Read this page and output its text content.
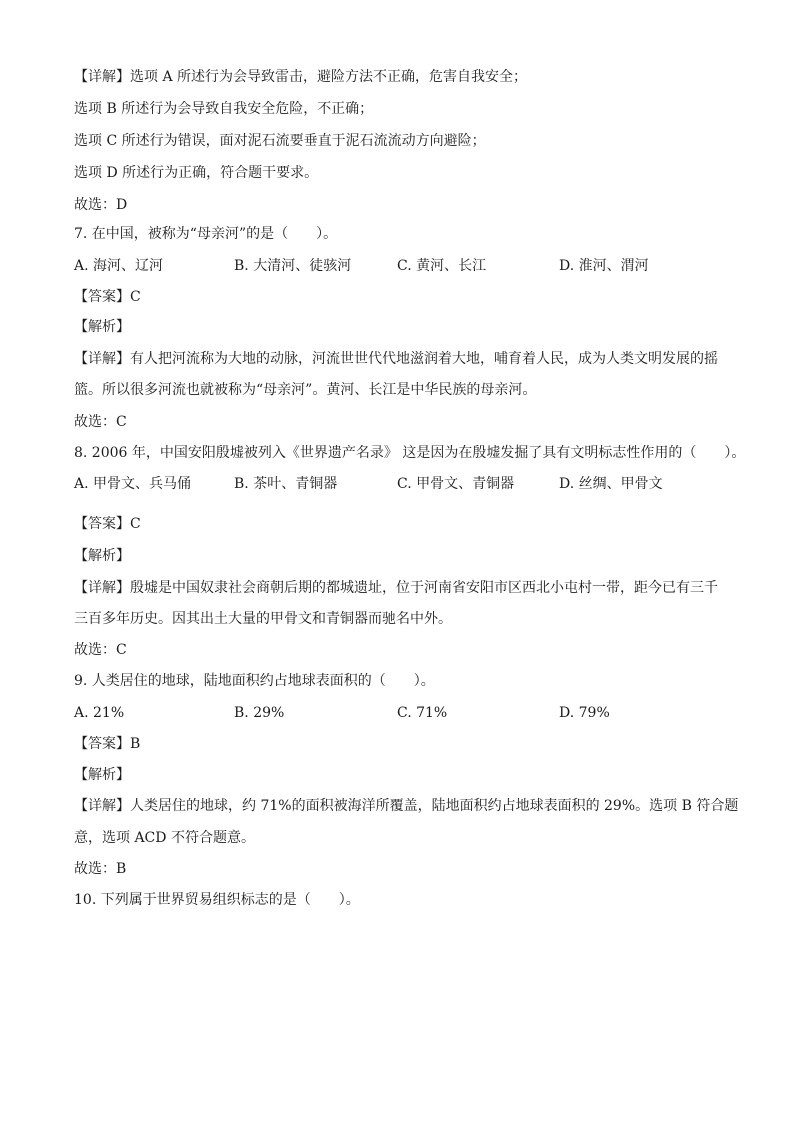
【详解】选项 A 所述行为会导致雷击，避险方法不正确，危害自我安全；
选项 B 所述行为会导致自我安全危险，不正确；
选项 C 所述行为错误，面对泥石流要垂直于泥石流流动方向避险；
选项 D 所述行为正确，符合题干要求。
故选：D
7. 在中国，被称为“母亲河”的是（　　）。
A. 海河、辽河	B. 大清河、徒骇河	C. 黄河、长江	D. 淮河、渭河
【答案】C
【解析】
【详解】有人把河流称为大地的动脉，河流世世代代地滋润着大地，哺育着人民，成为人类文明发展的摇
篮。所以很多河流也就被称为“母亲河”。黄河、长江是中华民族的母亲河。
故选：C
8. 2006 年，中国安阳殷墟被列入《世界遗产名录》 这是因为在殷墟发掘了具有文明标志性作用的（　　）。
A. 甲骨文、兵马俑	B. 茶叶、青铜器	C. 甲骨文、青铜器	D. 丝绸、甲骨文
【答案】C
【解析】
【详解】殷墟是中国奴隶社会商朝后期的都城遗址，位于河南省安阳市区西北小屯村一带，距今已有三千
三百多年历史。因其出土大量的甲骨文和青铜器而驰名中外。
故选：C
9. 人类居住的地球，陆地面积约占地球表面积的（　　）。
A. 21%	B. 29%	C. 71%	D. 79%
【答案】B
【解析】
【详解】人类居住的地球，约 71%的面积被海洋所覆盖，陆地面积约占地球表面积的 29%。选项 B 符合题
意，选项 ACD 不符合题意。
故选：B
10. 下列属于世界贸易组织标志的是（　　）。
